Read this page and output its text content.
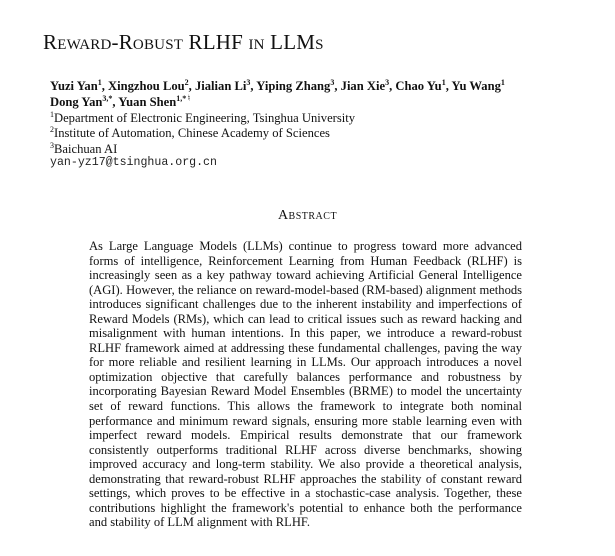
Reward-Robust RLHF in LLMs
Yuzi Yan$^1$, Xingzhou Lou$^2$, Jialian Li$^3$, Yiping Zhang$^3$, Jian Xie$^3$, Chao Yu$^1$, Yu Wang$^1$
Dong Yan$^{3,*}$, Yuan Shen$^{1,*♮}$
$^1$Department of Electronic Engineering, Tsinghua University
$^2$Institute of Automation, Chinese Academy of Sciences
$^3$Baichuan AI
yan-yz17@tsinghua.org.cn
Abstract
As Large Language Models (LLMs) continue to progress toward more advanced forms of intelligence, Reinforcement Learning from Human Feedback (RLHF) is increasingly seen as a key pathway toward achieving Artificial General Intelligence (AGI). However, the reliance on reward-model-based (RM-based) alignment methods introduces significant challenges due to the inherent instability and imperfections of Reward Models (RMs), which can lead to critical issues such as reward hacking and misalignment with human intentions. In this paper, we introduce a reward-robust RLHF framework aimed at addressing these fundamental challenges, paving the way for more reliable and resilient learning in LLMs. Our approach introduces a novel optimization objective that carefully balances performance and robustness by incorporating Bayesian Reward Model Ensembles (BRME) to model the uncertainty set of reward functions. This allows the framework to integrate both nominal performance and minimum reward signals, ensuring more stable learning even with imperfect reward models. Empirical results demonstrate that our framework consistently outperforms traditional RLHF across diverse benchmarks, showing improved accuracy and long-term stability. We also provide a theoretical analysis, demonstrating that reward-robust RLHF approaches the stability of constant reward settings, which proves to be effective in a stochastic-case analysis. Together, these contributions highlight the framework's potential to enhance both the performance and stability of LLM alignment with RLHF.
